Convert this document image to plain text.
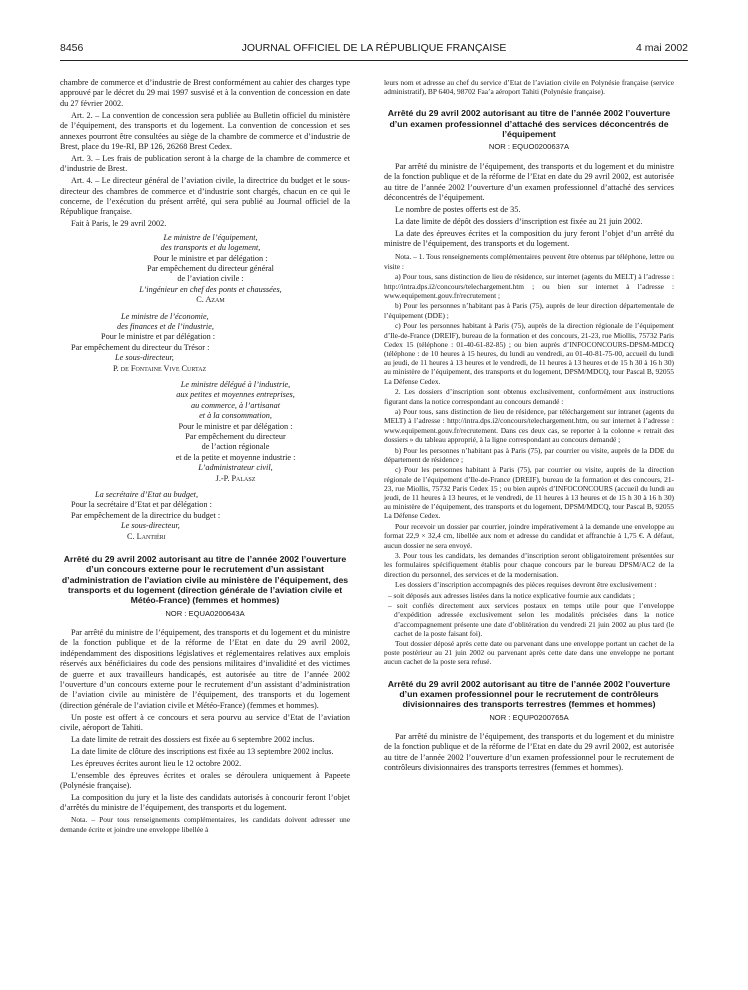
8456	JOURNAL OFFICIEL DE LA RÉPUBLIQUE FRANÇAISE	4 mai 2002

chambre de commerce et d’industrie de Brest conformément au cahier des charges type approuvé par le décret du 29 mai 1997 susvisé et à la convention de concession en date du 27 février 2002.

Art. 2. – La convention de concession sera publiée au Bulletin officiel du ministère de l’équipement, des transports et du logement. La convention de concession et ses annexes pourront être consultées au siège de la chambre de commerce et d’industrie de Brest, place du 19e-RI, BP 126, 26268 Brest Cedex.

Art. 3. – Les frais de publication seront à la charge de la chambre de commerce et d’industrie de Brest.

Art. 4. – Le directeur général de l’aviation civile, la directrice du budget et le sous-directeur des chambres de commerce et d’industrie sont chargés, chacun en ce qui le concerne, de l’exécution du présent arrêté, qui sera publié au Journal officiel de la République française.

Fait à Paris, le 29 avril 2002.

Le ministre de l’équipement,

des transports et du logement,

Pour le ministre et par délégation :

Par empêchement du directeur général

de l’aviation civile :

L’ingénieur en chef des ponts et chaussées,

C. Azam

Le ministre de l’économie,

des finances et de l’industrie,

Pour le ministre et par délégation :

Par empêchement du directeur du Trésor :

Le sous-directeur,

P. de Fontaine Vive Curtaz

Le ministre délégué à l’industrie,

aux petites et moyennes entreprises,

au commerce, à l’artisanat

et à la consommation,

Pour le ministre et par délégation :

Par empêchement du directeur

de l’action régionale

et de la petite et moyenne industrie :

L’administrateur civil,

J.-P. Palasz

La secrétaire d’Etat au budget,

Pour la secrétaire d’Etat et par délégation :

Par empêchement de la directrice du budget :

Le sous-directeur,

C. Lantiéri

Arrêté du 29 avril 2002 autorisant au titre de l’année 2002 l’ouverture d’un concours externe pour le recrutement d’un assistant d’administration de l’aviation civile au ministère de l’équipement, des transports et du logement (direction générale de l’aviation civile et Météo-France) (femmes et hommes)
NOR : EQUA0200643A

Par arrêté du ministre de l’équipement, des transports et du logement et du ministre de la fonction publique et de la réforme de l’Etat en date du 29 avril 2002, indépendamment des dispositions législatives et réglementaires relatives aux emplois réservés aux bénéficiaires du code des pensions militaires d’invalidité et des victimes de guerre et aux travailleurs handicapés, est autorisée au titre de l’année 2002 l’ouverture d’un concours externe pour le recrutement d’un assistant d’administration de l’aviation civile au ministère de l’équipement, des transports et du logement (direction générale de l’aviation civile et Météo-France) (femmes et hommes).

Un poste est offert à ce concours et sera pourvu au service d’Etat de l’aviation civile, aéroport de Tahiti.

La date limite de retrait des dossiers est fixée au 6 septembre 2002 inclus.

La date limite de clôture des inscriptions est fixée au 13 septembre 2002 inclus.

Les épreuves écrites auront lieu le 12 octobre 2002.

L’ensemble des épreuves écrites et orales se déroulera uniquement à Papeete (Polynésie française).

La composition du jury et la liste des candidats autorisés à concourir feront l’objet d’arrêtés du ministre de l’équipement, des transports et du logement.

Nota. – Pour tous renseignements complémentaires, les candidats doivent adresser une demande écrite et joindre une enveloppe libellée à

leurs nom et adresse au chef du service d’Etat de l’aviation civile en Polynésie française (service administratif), BP 6404, 98702 Faa’a aéroport Tahiti (Polynésie française).

Arrêté du 29 avril 2002 autorisant au titre de l’année 2002 l’ouverture d’un examen professionnel d’attaché des services déconcentrés de l’équipement
NOR : EQUO0200637A

Par arrêté du ministre de l’équipement, des transports et du logement et du ministre de la fonction publique et de la réforme de l’Etat en date du 29 avril 2002, est autorisée au titre de l’année 2002 l’ouverture d’un examen professionnel d’attaché des services déconcentrés de l’équipement.

Le nombre de postes offerts est de 35.

La date limite de dépôt des dossiers d’inscription est fixée au 21 juin 2002.

La date des épreuves écrites et la composition du jury feront l’objet d’un arrêté du ministre de l’équipement, des transports et du logement.

Nota. – 1. Tous renseignements complémentaires peuvent être obtenus par téléphone, lettre ou visite :

a) Pour tous, sans distinction de lieu de résidence, sur internet (agents du MELT) à l’adresse : http://intra.dps.i2/concours/telechargement.htm ; ou bien sur internet à l’adresse : www.equipement.gouv.fr/recrutement ;

b) Pour les personnes n’habitant pas à Paris (75), auprès de leur direction départementale de l’équipement (DDE) ;

c) Pour les personnes habitant à Paris (75), auprès de la direction régionale de l’équipement d’Ile-de-France (DREIF), bureau de la formation et des concours, 21-23, rue Miollis, 75732 Paris Cedex 15 (téléphone : 01-40-61-82-85) ; ou bien auprès d’INFOCONCOURS-DPSM-MDCQ (téléphone : de 10 heures à 15 heures, du lundi au vendredi, au 01-40-81-75-00, accueil du lundi au jeudi, de 11 heures à 13 heures et le vendredi, de 11 heures à 13 heures et de 15 h 30 à 16 h 30) au ministère de l’équipement, des transports et du logement, DPSM/MDCQ, tour Pascal B, 92055 La Défense Cedex.

2. Les dossiers d’inscription sont obtenus exclusivement, conformément aux instructions figurant dans la notice correspondant au concours demandé :

a) Pour tous, sans distinction de lieu de résidence, par téléchargement sur intranet (agents du MELT) à l’adresse : http://intra.dps.i2/concours/telechargement.htm, ou sur internet à l’adresse : www.equipement.gouv.fr/recrutement. Dans ces deux cas, se reporter à la colonne « retrait des dossiers » du tableau approprié, à la ligne correspondant au concours demandé ;

b) Pour les personnes n’habitant pas à Paris (75), par courrier ou visite, auprès de la DDE du département de résidence ;

c) Pour les personnes habitant à Paris (75), par courrier ou visite, auprès de la direction régionale de l’équipement d’Ile-de-France (DREIF), bureau de la formation et des concours, 21-23, rue Miollis, 75732 Paris Cedex 15 ; ou bien auprès d’INFOCONCOURS (accueil du lundi au jeudi, de 11 heures à 13 heures, et le vendredi, de 11 heures à 13 heures et de 15 h 30 à 16 h 30) au ministère de l’équipement, des transports et du logement, DPSM/MDCQ, tour Pascal B, 92055 La Défense Cedex.

Pour recevoir un dossier par courrier, joindre impérativement à la demande une enveloppe au format 22,9 × 32,4 cm, libellée aux nom et adresse du candidat et affranchie à 1,75 €. A défaut, aucun dossier ne sera envoyé.

3. Pour tous les candidats, les demandes d’inscription seront obligatoirement présentées sur les formulaires spécifiquement établis pour chaque concours par le bureau DPSM/AC2 de la direction du personnel, des services et de la modernisation.

Les dossiers d’inscription accompagnés des pièces requises devront être exclusivement :

– soit déposés aux adresses listées dans la notice explicative fournie aux candidats ;

– soit confiés directement aux services postaux en temps utile pour que l’enveloppe d’expédition adressée exclusivement selon les modalités précisées dans la notice d’accompagnement présente une date d’oblitération du vendredi 21 juin 2002 au plus tard (le cachet de la poste faisant foi).

Tout dossier déposé après cette date ou parvenant dans une enveloppe portant un cachet de la poste postérieur au 21 juin 2002 ou parvenant après cette date dans une enveloppe ne portant aucun cachet de la poste sera refusé.

Arrêté du 29 avril 2002 autorisant au titre de l’année 2002 l’ouverture d’un examen professionnel pour le recrutement de contrôleurs divisionnaires des transports terrestres (femmes et hommes)
NOR : EQUP0200765A

Par arrêté du ministre de l’équipement, des transports et du logement et du ministre de la fonction publique et de la réforme de l’Etat en date du 29 avril 2002, est autorisée au titre de l’année 2002 l’ouverture d’un examen professionnel pour le recrutement de contrôleurs divisionnaires des transports terrestres (femmes et hommes).
